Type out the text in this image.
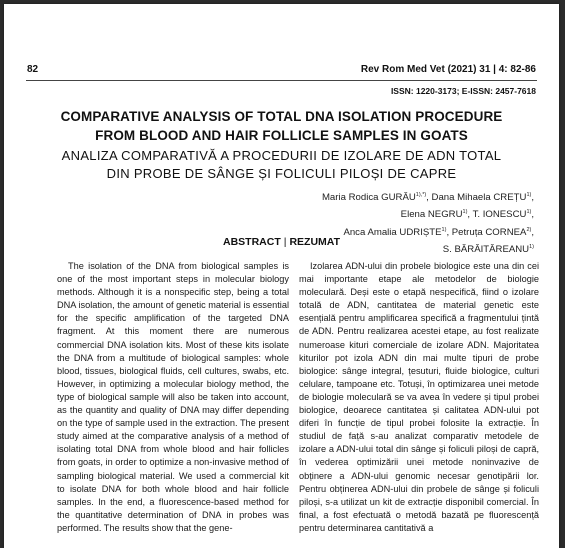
82	Rev Rom Med Vet (2021) 31 | 4: 82-86
ISSN: 1220-3173; E-ISSN: 2457-7618
COMPARATIVE ANALYSIS OF TOTAL DNA ISOLATION PROCEDURE
FROM BLOOD AND HAIR FOLLICLE SAMPLES IN GOATS
ANALIZA COMPARATIVĂ A PROCEDURII DE IZOLARE DE ADN TOTAL
DIN PROBE DE SÂNGE ȘI FOLICULI PILOȘI DE CAPRE
Maria Rodica $GURĂU^{1),*)}$, Dana Mihaela CREȚU$^{1)}$,
Elena NEGRU$^{1)}$, T. IONESCU$^{1)}$,
Anca Amalia UDRIȘTE$^{1)}$, Petruța CORNEA$^{2)}$,
S. BĂRĂITĂREANU$^{1)}$
ABSTRACT | REZUMAT
The isolation of the DNA from biological samples is one of the most important steps in molecular biology methods. Although it is a nonspecific step, being a total DNA isolation, the amount of genetic material is essential for the specific amplification of the targeted DNA fragment. At this moment there are numerous commercial DNA isolation kits. Most of these kits isolate the DNA from a multitude of biological samples: whole blood, tissues, biological fluids, cell cultures, swabs, etc. However, in optimizing a molecular biology method, the type of biological sample will also be taken into account, as the quantity and quality of DNA may differ depending on the type of sample used in the extraction. The present study aimed at the comparative analysis of a method of isolating total DNA from whole blood and hair follicles from goats, in order to optimize a non-invasive method of sampling biological material. We used a commercial kit to isolate DNA for both whole blood and hair follicle samples. In the end, a fluorescence-based method for the quantitative determination of DNA in probes was performed. The results show that the gene-
Izolarea ADN-ului din probele biologice este una din cei mai importante etape ale metodelor de biologie moleculară. Deși este o etapă nespecifică, fiind o izolare totală de ADN, cantitatea de material genetic este esențială pentru amplificarea specifică a fragmentului țintă de ADN. Pentru realizarea acestei etape, au fost realizate numeroase kituri comerciale de izolare ADN. Majoritatea kiturilor pot izola ADN din mai multe tipuri de probe biologice: sânge integral, țesuturi, fluide biologice, culturi celulare, tampoane etc. Totuși, în optimizarea unei metode de biologie moleculară se va avea în vedere și tipul probei biologice, deoarece cantitatea și calitatea ADN-ului pot diferi în funcție de tipul probei folosite la extracție. În studiul de față s-au analizat comparativ metodele de izolare a ADN-ului total din sânge și foliculi piloși de capră, în vederea optimizării unei metode noninvazive de obținere a ADN-ului genomic necesar genotipării lor. Pentru obținerea ADN-ului din probele de sânge și foliculi piloși, s-a utilizat un kit de extracție disponibil comercial. În final, a fost efectuată o metodă bazată pe fluorescență pentru determinarea cantitativă a
